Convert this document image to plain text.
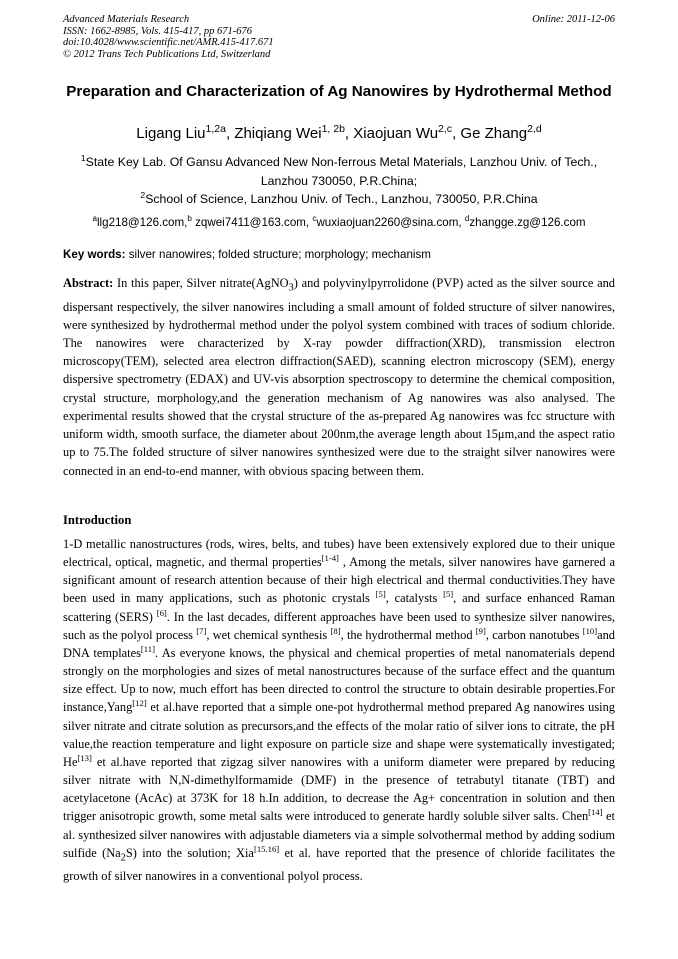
Advanced Materials Research
ISSN: 1662-8985, Vols. 415-417, pp 671-676
doi:10.4028/www.scientific.net/AMR.415-417.671
© 2012 Trans Tech Publications Ltd, Switzerland
Online: 2011-12-06
Preparation and Characterization of Ag Nanowires by Hydrothermal Method
Ligang Liu$^{1,2a}$, Zhiqiang Wei$^{1, 2b}$, Xiaojuan Wu$^{2,c}$, Ge Zhang$^{2,d}$
$^1$State Key Lab. Of Gansu Advanced New Non-ferrous Metal Materials, Lanzhou Univ. of Tech., Lanzhou 730050, P.R.China;
$^2$School of Science, Lanzhou Univ. of Tech., Lanzhou, 730050, P.R.China
$^a$llg218@126.com,$^b$ zqwei7411@163.com, $^c$wuxiaojuan2260@sina.com, $^d$zhangge.zg@126.com
Key words: silver nanowires; folded structure; morphology; mechanism
Abstract: In this paper, Silver nitrate(AgNO$_3$) and polyvinylpyrrolidone (PVP) acted as the silver source and dispersant respectively, the silver nanowires including a small amount of folded structure of silver nanowires, were synthesized by hydrothermal method under the polyol system combined with traces of sodium chloride. The nanowires were characterized by X-ray powder diffraction(XRD), transmission electron microscopy(TEM), selected area electron diffraction(SAED), scanning electron microscopy (SEM), energy dispersive spectrometry (EDAX) and UV-vis absorption spectroscopy to determine the chemical composition, crystal structure, morphology,and the generation mechanism of Ag nanowires was also analysed. The experimental results showed that the crystal structure of the as-prepared Ag nanowires was fcc structure with uniform width, smooth surface, the diameter about 200nm,the average length about 15μm,and the aspect ratio up to 75.The folded structure of silver nanowires synthesized were due to the straight silver nanowires were connected in an end-to-end manner, with obvious spacing between them.
Introduction
1-D metallic nanostructures (rods, wires, belts, and tubes) have been extensively explored due to their unique electrical, optical, magnetic, and thermal properties[1-4] , Among the metals, silver nanowires have garnered a significant amount of research attention because of their high electrical and thermal conductivities.They have been used in many applications, such as photonic crystals [5], catalysts [5], and surface enhanced Raman scattering (SERS) [6]. In the last decades, different approaches have been used to synthesize silver nanowires, such as the polyol process [7], wet chemical synthesis [8], the hydrothermal method [9], carbon nanotubes [10]and DNA templates[11]. As everyone knows, the physical and chemical properties of metal nanomaterials depend strongly on the morphologies and sizes of metal nanostructures because of the surface effect and the quantum size effect. Up to now, much effort has been directed to control the structure to obtain desirable properties.For instance,Yang[12] et al.have reported that a simple one-pot hydrothermal method prepared Ag nanowires using silver nitrate and citrate solution as precursors,and the effects of the molar ratio of silver ions to citrate, the pH value,the reaction temperature and light exposure on particle size and shape were systematically investigated; He[13] et al.have reported that zigzag silver nanowires with a uniform diameter were prepared by reducing silver nitrate with N,N-dimethylformamide (DMF) in the presence of tetrabutyl titanate (TBT) and acetylacetone (AcAc) at 373K for 18 h.In addition, to decrease the Ag+ concentration in solution and then trigger anisotropic growth, some metal salts were introduced to generate hardly soluble silver salts. Chen[14] et al. synthesized silver nanowires with adjustable diameters via a simple solvothermal method by adding sodium sulfide $(Na_2S)$ into the solution; Xia[15.16] et al. have reported that the presence of chloride facilitates the growth of silver nanowires in a conventional polyol process.
